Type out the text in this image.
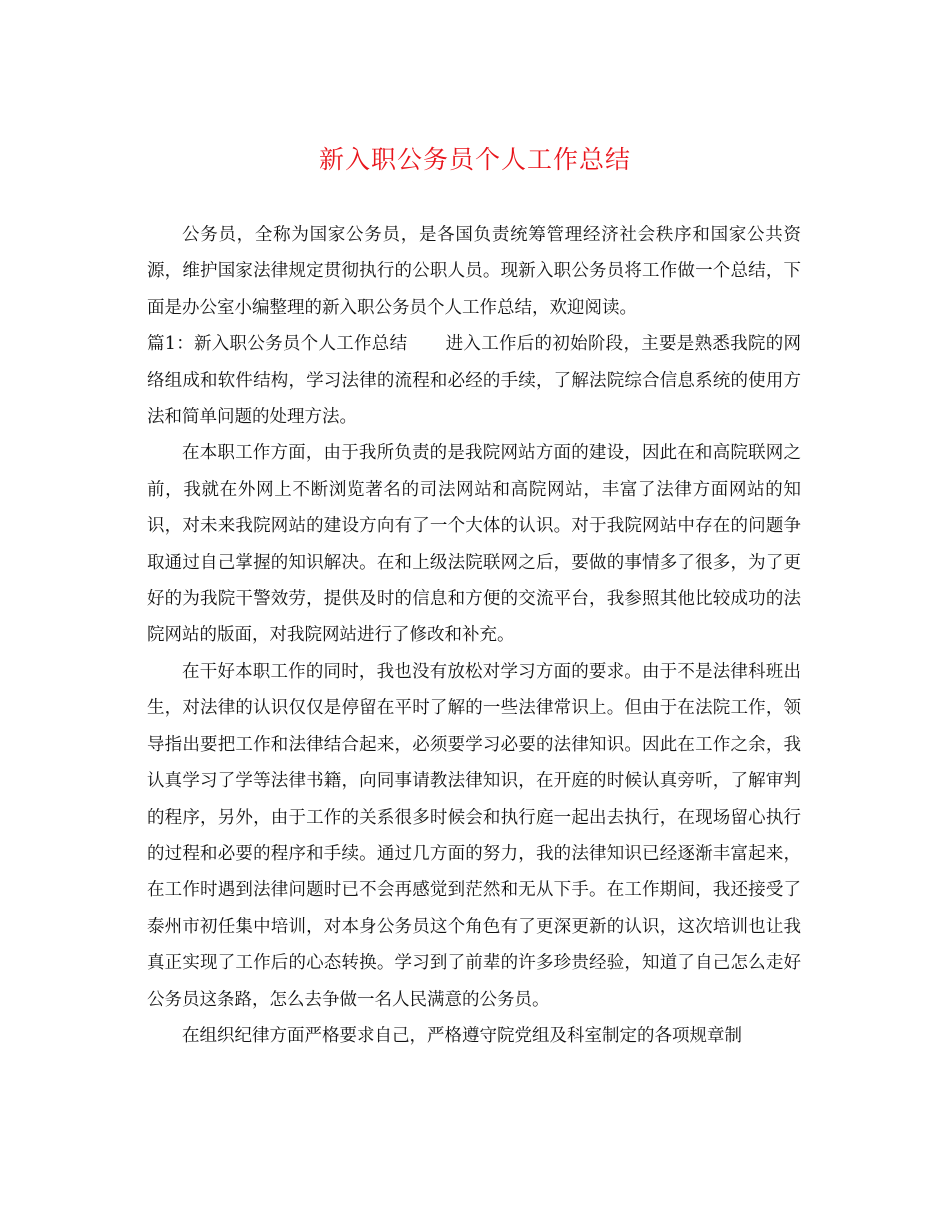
新入职公务员个人工作总结

公务员，全称为国家公务员，是各国负责统筹管理经济社会秩序和国家公共资源，维护国家法律规定贯彻执行的公职人员。现新入职公务员将工作做一个总结，下面是办公室小编整理的新入职公务员个人工作总结，欢迎阅读。

篇1：新入职公务员个人工作总结 进入工作后的初始阶段，主要是熟悉我院的网络组成和软件结构，学习法律的流程和必经的手续，了解法院综合信息系统的使用方法和简单问题的处理方法。

在本职工作方面，由于我所负责的是我院网站方面的建设，因此在和高院联网之前，我就在外网上不断浏览著名的司法网站和高院网站，丰富了法律方面网站的知识，对未来我院网站的建设方向有了一个大体的认识。对于我院网站中存在的问题争取通过自己掌握的知识解决。在和上级法院联网之后，要做的事情多了很多，为了更好的为我院干警效劳，提供及时的信息和方便的交流平台，我参照其他比较成功的法院网站的版面，对我院网站进行了修改和补充。

在干好本职工作的同时，我也没有放松对学习方面的要求。由于不是法律科班出生，对法律的认识仅仅是停留在平时了解的一些法律常识上。但由于在法院工作，领导指出要把工作和法律结合起来，必须要学习必要的法律知识。因此在工作之余，我认真学习了学等法律书籍，向同事请教法律知识，在开庭的时候认真旁听，了解审判的程序，另外，由于工作的关系很多时候会和执行庭一起出去执行，在现场留心执行的过程和必要的程序和手续。通过几方面的努力，我的法律知识已经逐渐丰富起来，在工作时遇到法律问题时已不会再感觉到茫然和无从下手。在工作期间，我还接受了泰州市初任集中培训，对本身公务员这个角色有了更深更新的认识，这次培训也让我真正实现了工作后的心态转换。学习到了前辈的许多珍贵经验，知道了自己怎么走好公务员这条路，怎么去争做一名人民满意的公务员。

在组织纪律方面严格要求自己，严格遵守院党组及科室制定的各项规章制
